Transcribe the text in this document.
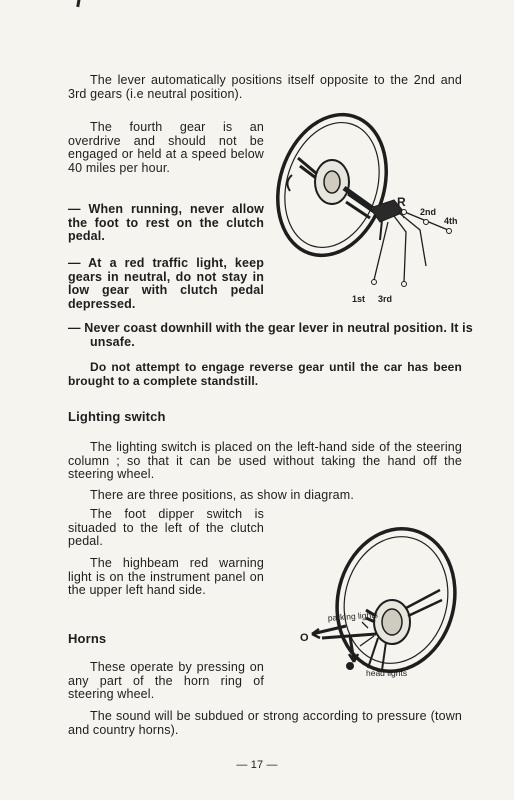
The lever automatically positions itself opposite to the 2nd and 3rd gears (i.e neutral position).

The fourth gear is an overdrive and should not be engaged or held at a speed below 40 miles per hour.

— When running, never allow the foot to rest on the clutch pedal.

— At a red traffic light, keep gears in neutral, do not stay in low gear with clutch pedal depressed.

— Never coast downhill with the gear lever in neutral position. It is unsafe.

Do not attempt to engage reverse gear until the car has been brought to a complete standstill.

Lighting switch

The lighting switch is placed on the left-hand side of the steering column ; so that it can be used without taking the hand off the steering wheel.

There are three positions, as show in diagram.

The foot dipper switch is situaded to the left of the clutch pedal.

The highbeam red warning light is on the instrument panel on the upper left hand side.

Horns

These operate by pressing on any part of the horn ring of steering wheel.

The sound will be subdued or strong according to pressure (town and country horns).

R
2nd
4th
1st 3rd
parking lights
O
head lights

— 17 —
